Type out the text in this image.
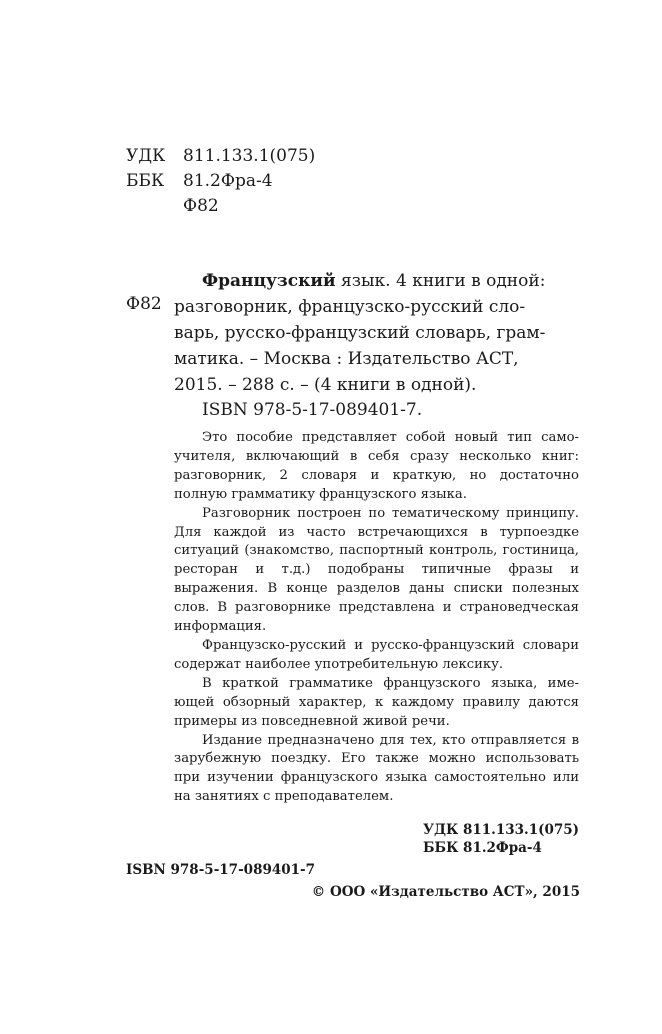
УДК 811.133.1(075)
ББК 81.2Фра-4
Ф82
Ф82
Французский язык. 4 книги в одной:
разговорник, французско-русский сло-
варь, русско-французский словарь, грам-
матика. – Москва : Издательство АСТ,
2015. – 288 с. – (4 книги в одной).
ISBN 978-5-17-089401-7.

Это пособие представляет собой новый тип самоучителя, включающий в себя сразу несколько книг: разговорник, 2 словаря и краткую, но достаточно полную грамматику французского языка.

Разговорник построен по тематическому принципу. Для каждой из часто встречающихся в турпоездке ситуаций (знакомство, паспортный контроль, гостиница, ресторан и т.д.) подобраны типичные фразы и выражения. В конце разделов даны списки полезных слов. В разговорнике представлена и страноведческая информация.

Французско-русский и русско-французский словари содержат наиболее употребительную лексику.

В краткой грамматике французского языка, имеющей обзорный характер, к каждому правилу даются примеры из повседневной живой речи.

Издание предназначено для тех, кто отправляется в зарубежную поездку. Его также можно использовать при изучении французского языка самостоятельно или на занятиях с преподавателем.

УДК 811.133.1(075)
ББК 81.2Фра-4
ISBN 978-5-17-089401-7
© ООО «Издательство АСТ», 2015
